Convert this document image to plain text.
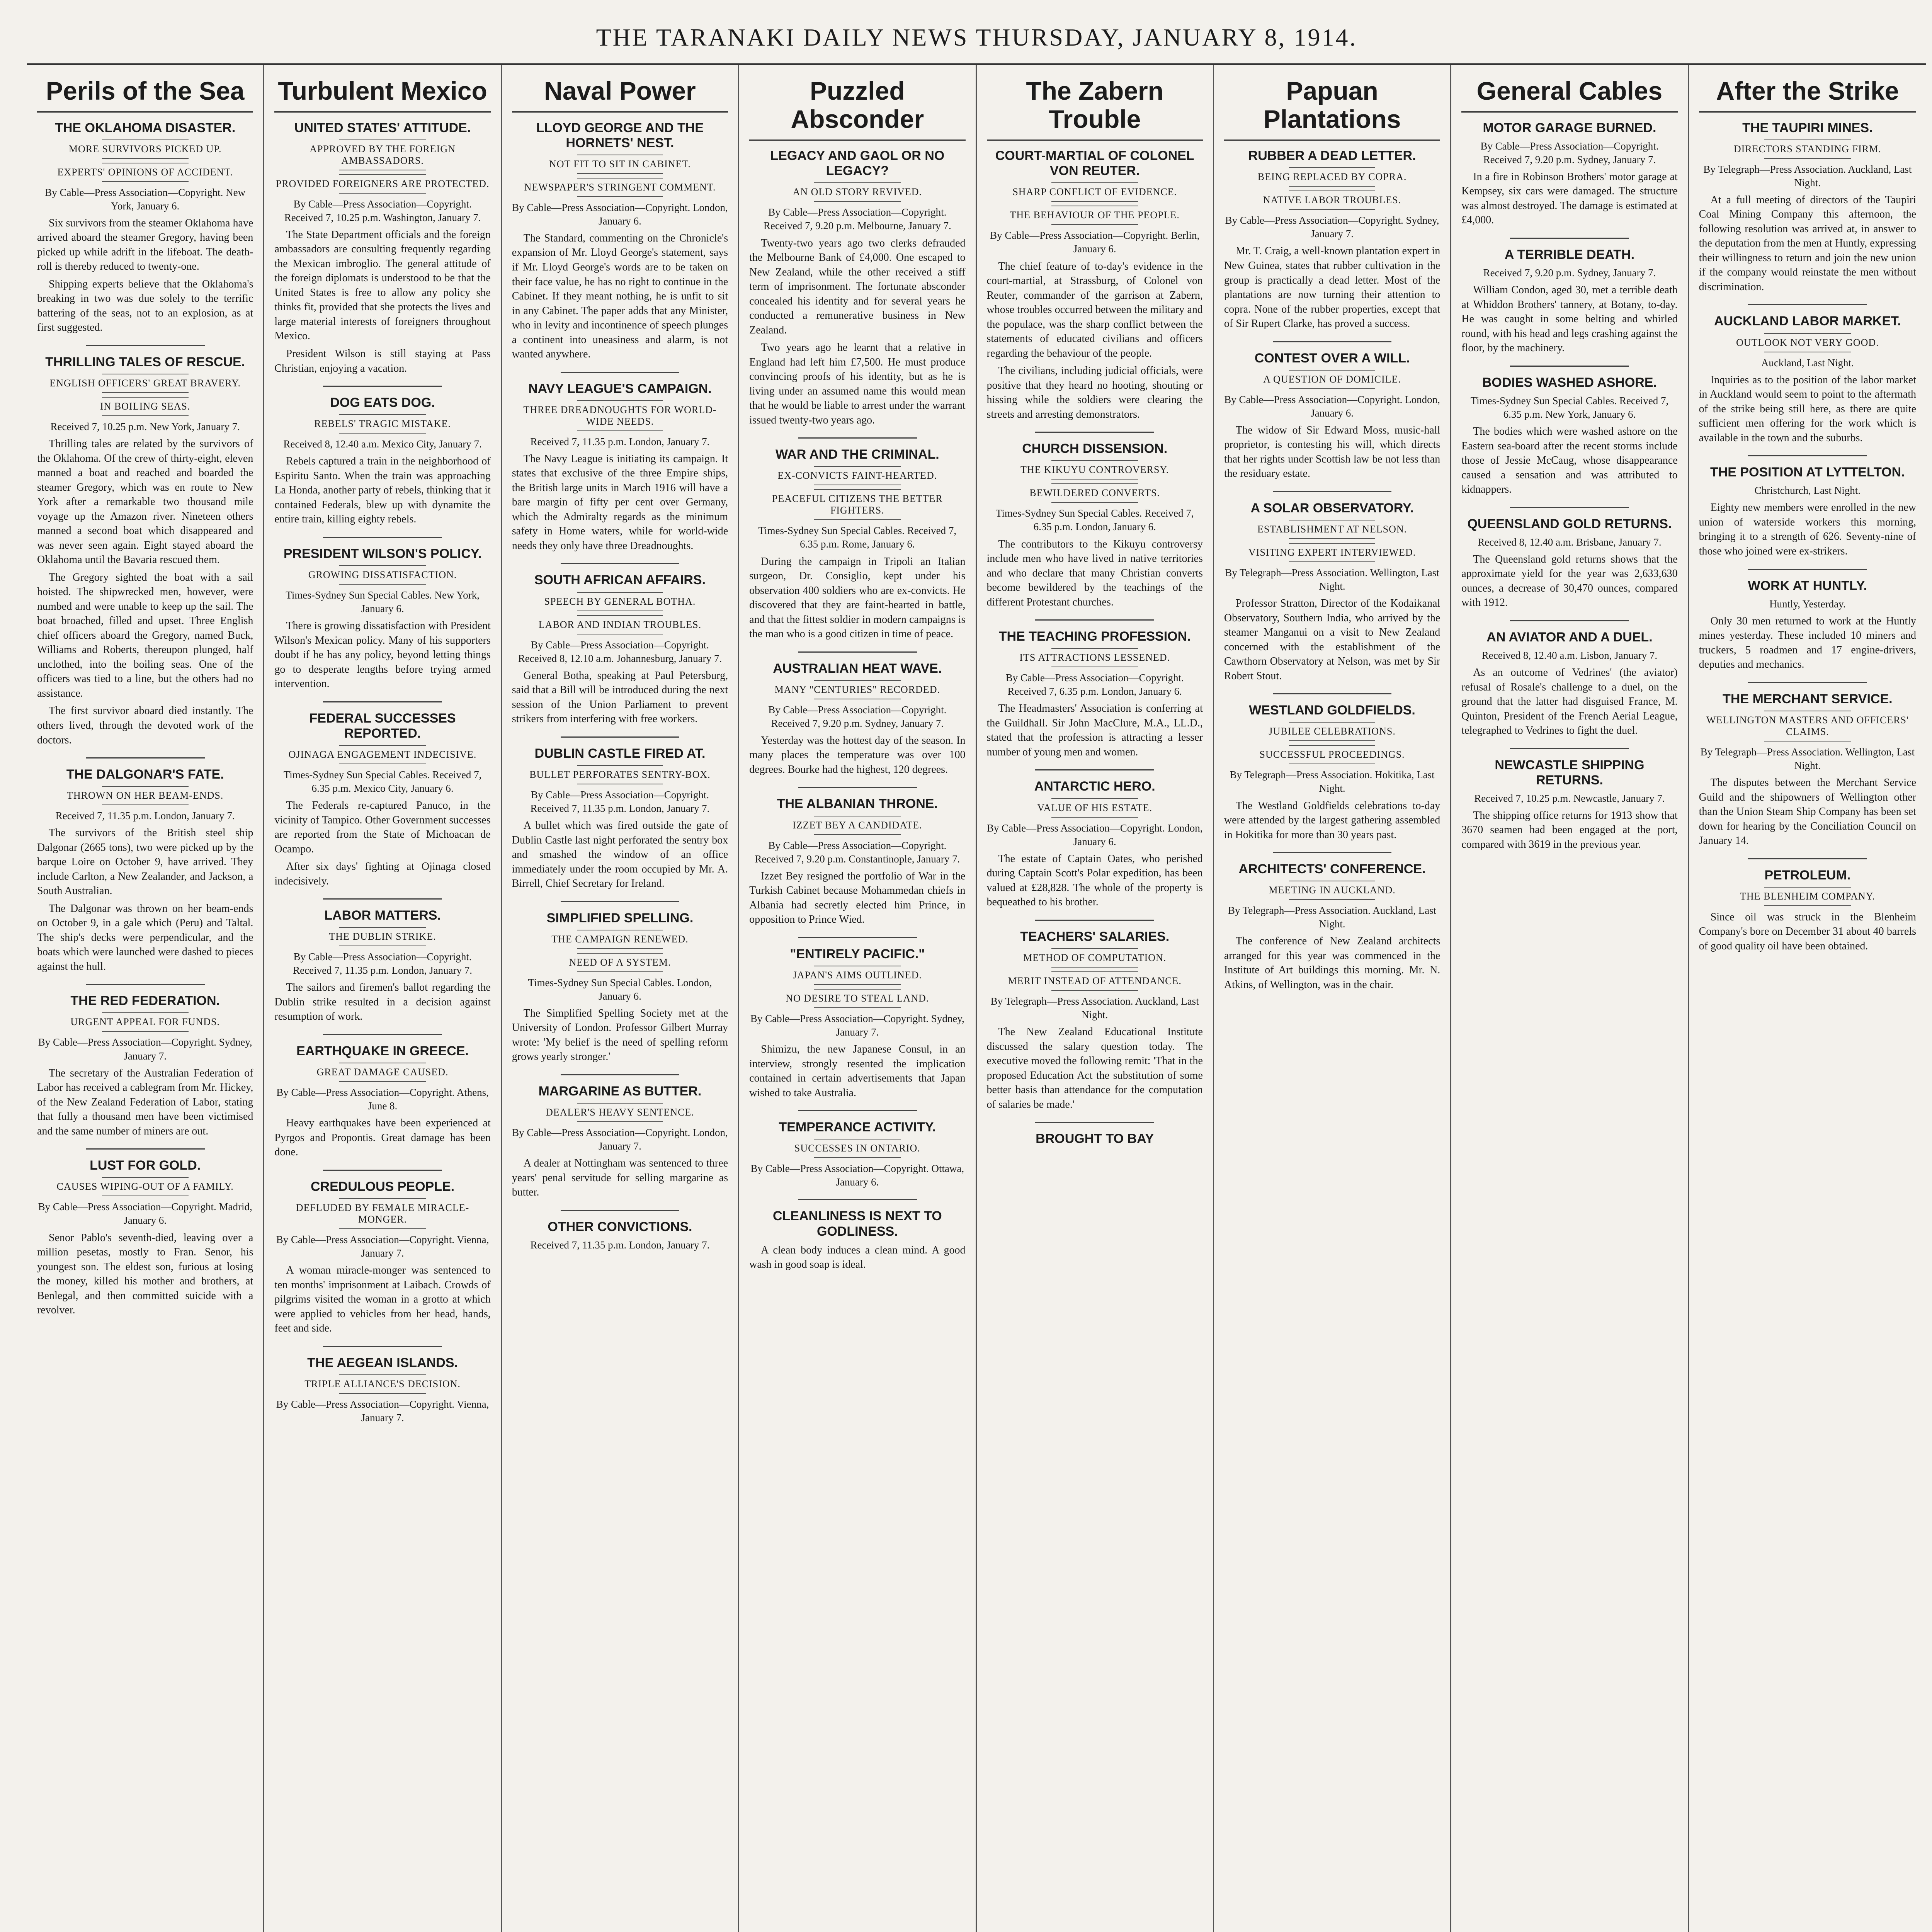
THE TARANAKI DAILY NEWS THURSDAY, JANUARY 8, 1914.
Perils of the Sea
THE OKLAHOMA DISASTER.
MORE SURVIVORS PICKED UP.
EXPERTS' OPINIONS OF ACCIDENT.
By Cable—Press Association—Copyright. New York, January 6.
Six survivors from the steamer Oklahoma have arrived aboard the steamer Gregory, having been picked up while adrift in the lifeboat. The death-roll is thereby reduced to twenty-one.
Shipping experts believe that the Oklahoma's breaking in two was due solely to the terrific battering of the seas, not to an explosion, as at first suggested.
THRILLING TALES OF RESCUE.
ENGLISH OFFICERS' GREAT BRAVERY.
IN BOILING SEAS.
Received 7, 10.25 p.m. New York, January 7.
Thrilling tales are related by the survivors of the Oklahoma. Of the crew of thirty-eight, eleven manned a boat and reached and boarded the steamer Gregory, which was en route to New York after a remarkable two thousand mile voyage up the Amazon river. Nineteen others manned a second boat which disappeared and was never seen again. Eight stayed aboard the Oklahoma until the Bavaria rescued them.
The Gregory sighted the boat with a sail hoisted. The shipwrecked men, however, were numbed and were unable to keep up the sail. The boat broached, filled and upset. Three English chief officers aboard the Gregory, named Buck, Williams and Roberts, thereupon plunged, half unclothed, into the boiling seas. One of the officers was tied to a line, but the others had no assistance.
The first survivor aboard died instantly. The others lived, through the devoted work of the doctors.
THE DALGONAR'S FATE.
THROWN ON HER BEAM-ENDS.
Received 7, 11.35 p.m. London, January 7.
The survivors of the British steel ship Dalgonar (2665 tons), two were picked up by the barque Loire on October 9, have arrived. They include Carlton, a New Zealander, and Jackson, a South Australian.
The Dalgonar was thrown on her beam-ends on October 9, in a gale which (Peru) and Taltal. The ship's decks were perpendicular, and the boats which were launched were dashed to pieces against the hull.
THE RED FEDERATION.
URGENT APPEAL FOR FUNDS.
By Cable—Press Association—Copyright. Sydney, January 7.
The secretary of the Australian Federation of Labor has received a cablegram from Mr. Hickey, of the New Zealand Federation of Labor, stating that fully a thousand men have been victimised and the same number of miners are out.
LUST FOR GOLD.
CAUSES WIPING-OUT OF A FAMILY.
By Cable—Press Association—Copyright. Madrid, January 6.
Senor Pablo's seventh-died, leaving over a million pesetas, mostly to Fran. Senor, his youngest son. The eldest son, furious at losing the money, killed his mother and brothers, at Benlegal, and then committed suicide with a revolver.
Turbulent Mexico
UNITED STATES' ATTITUDE.
APPROVED BY THE FOREIGN AMBASSADORS.
PROVIDED FOREIGNERS ARE PROTECTED.
By Cable—Press Association—Copyright. Received 7, 10.25 p.m. Washington, January 7.
The State Department officials and the foreign ambassadors are consulting frequently regarding the Mexican imbroglio. The general attitude of the foreign diplomats is understood to be that the United States is free to allow any policy she thinks fit, provided that she protects the lives and large material interests of foreigners throughout Mexico.
President Wilson is still staying at Pass Christian, enjoying a vacation.
DOG EATS DOG.
REBELS' TRAGIC MISTAKE.
Received 8, 12.40 a.m. Mexico City, January 7.
Rebels captured a train in the neighborhood of Espiritu Santo. When the train was approaching La Honda, another party of rebels, thinking that it contained Federals, blew up with dynamite the entire train, killing eighty rebels.
PRESIDENT WILSON'S POLICY.
GROWING DISSATISFACTION.
Times-Sydney Sun Special Cables. New York, January 6.
There is growing dissatisfaction with President Wilson's Mexican policy. Many of his supporters doubt if he has any policy, beyond letting things go to desperate lengths before trying armed intervention.
FEDERAL SUCCESSES REPORTED.
OJINAGA ENGAGEMENT INDECISIVE.
Times-Sydney Sun Special Cables. Received 7, 6.35 p.m. Mexico City, January 6.
The Federals re-captured Panuco, in the vicinity of Tampico. Other Government successes are reported from the State of Michoacan de Ocampo.
After six days' fighting at Ojinaga closed indecisively.
LABOR MATTERS.
THE DUBLIN STRIKE.
By Cable—Press Association—Copyright. Received 7, 11.35 p.m. London, January 7.
The sailors and firemen's ballot regarding the Dublin strike resulted in a decision against resumption of work.
EARTHQUAKE IN GREECE.
GREAT DAMAGE CAUSED.
By Cable—Press Association—Copyright. Athens, June 8.
Heavy earthquakes have been experienced at Pyrgos and Propontis. Great damage has been done.
CREDULOUS PEOPLE.
DEFLUDED BY FEMALE MIRACLE-MONGER.
By Cable—Press Association—Copyright. Vienna, January 7.
A woman miracle-monger was sentenced to ten months' imprisonment at Laibach. Crowds of pilgrims visited the woman in a grotto at which were applied to vehicles from her head, hands, feet and side.
THE AEGEAN ISLANDS.
TRIPLE ALLIANCE'S DECISION.
By Cable—Press Association—Copyright. Vienna, January 7.
Naval Power
LLOYD GEORGE AND THE HORNETS' NEST.
NOT FIT TO SIT IN CABINET.
NEWSPAPER'S STRINGENT COMMENT.
By Cable—Press Association—Copyright. London, January 6.
The Standard, commenting on the Chronicle's expansion of Mr. Lloyd George's statement, says if Mr. Lloyd George's words are to be taken on their face value, he has no right to continue in the Cabinet. If they meant nothing, he is unfit to sit in any Cabinet. The paper adds that any Minister, who in levity and incontinence of speech plunges a continent into uneasiness and alarm, is not wanted anywhere.
NAVY LEAGUE'S CAMPAIGN.
THREE DREADNOUGHTS FOR WORLD-WIDE NEEDS.
Received 7, 11.35 p.m. London, January 7.
The Navy League is initiating its campaign. It states that exclusive of the three Empire ships, the British large units in March 1916 will have a bare margin of fifty per cent over Germany, which the Admiralty regards as the minimum safety in Home waters, while for world-wide needs they only have three Dreadnoughts.
SOUTH AFRICAN AFFAIRS.
SPEECH BY GENERAL BOTHA.
LABOR AND INDIAN TROUBLES.
By Cable—Press Association—Copyright. Received 8, 12.10 a.m. Johannesburg, January 7.
General Botha, speaking at Paul Petersburg, said that a Bill will be introduced during the next session of the Union Parliament to prevent strikers from interfering with free workers.
DUBLIN CASTLE FIRED AT.
BULLET PERFORATES SENTRY-BOX.
By Cable—Press Association—Copyright. Received 7, 11.35 p.m. London, January 7.
A bullet which was fired outside the gate of Dublin Castle last night perforated the sentry box and smashed the window of an office immediately under the room occupied by Mr. A. Birrell, Chief Secretary for Ireland.
SIMPLIFIED SPELLING.
THE CAMPAIGN RENEWED.
NEED OF A SYSTEM.
Times-Sydney Sun Special Cables. London, January 6.
The Simplified Spelling Society met at the University of London. Professor Gilbert Murray wrote: 'My belief is the need of spelling reform grows yearly stronger.'
MARGARINE AS BUTTER.
DEALER'S HEAVY SENTENCE.
By Cable—Press Association—Copyright. London, January 7.
A dealer at Nottingham was sentenced to three years' penal servitude for selling margarine as butter.
OTHER CONVICTIONS.
Received 7, 11.35 p.m. London, January 7.
Puzzled Absconder
LEGACY AND GAOL OR NO LEGACY?
AN OLD STORY REVIVED.
By Cable—Press Association—Copyright. Received 7, 9.20 p.m. Melbourne, January 7.
Twenty-two years ago two clerks defrauded the Melbourne Bank of £4,000. One escaped to New Zealand, while the other received a stiff term of imprisonment. The fortunate absconder concealed his identity and for several years he conducted a remunerative business in New Zealand.
Two years ago he learnt that a relative in England had left him £7,500. He must produce convincing proofs of his identity, but as he is living under an assumed name this would mean that he would be liable to arrest under the warrant issued twenty-two years ago.
WAR AND THE CRIMINAL.
EX-CONVICTS FAINT-HEARTED.
PEACEFUL CITIZENS THE BETTER FIGHTERS.
Times-Sydney Sun Special Cables. Received 7, 6.35 p.m. Rome, January 6.
During the campaign in Tripoli an Italian surgeon, Dr. Consiglio, kept under his observation 400 soldiers who are ex-convicts. He discovered that they are faint-hearted in battle, and that the fittest soldier in modern campaigns is the man who is a good citizen in time of peace.
AUSTRALIAN HEAT WAVE.
MANY "CENTURIES" RECORDED.
By Cable—Press Association—Copyright. Received 7, 9.20 p.m. Sydney, January 7.
Yesterday was the hottest day of the season. In many places the temperature was over 100 degrees. Bourke had the highest, 120 degrees.
THE ALBANIAN THRONE.
IZZET BEY A CANDIDATE.
By Cable—Press Association—Copyright. Received 7, 9.20 p.m. Constantinople, January 7.
Izzet Bey resigned the portfolio of War in the Turkish Cabinet because Mohammedan chiefs in Albania had secretly elected him Prince, in opposition to Prince Wied.
"ENTIRELY PACIFIC."
JAPAN'S AIMS OUTLINED.
NO DESIRE TO STEAL LAND.
By Cable—Press Association—Copyright. Sydney, January 7.
Shimizu, the new Japanese Consul, in an interview, strongly resented the implication contained in certain advertisements that Japan wished to take Australia.
TEMPERANCE ACTIVITY.
SUCCESSES IN ONTARIO.
By Cable—Press Association—Copyright. Ottawa, January 6.
CLEANLINESS IS NEXT TO GODLINESS.
A clean body induces a clean mind. A good wash in good soap is ideal.
The Zabern Trouble
COURT-MARTIAL OF COLONEL VON REUTER.
SHARP CONFLICT OF EVIDENCE.
THE BEHAVIOUR OF THE PEOPLE.
By Cable—Press Association—Copyright. Berlin, January 6.
The chief feature of to-day's evidence in the court-martial, at Strassburg, of Colonel von Reuter, commander of the garrison at Zabern, whose troubles occurred between the military and the populace, was the sharp conflict between the statements of educated civilians and officers regarding the behaviour of the people.
The civilians, including judicial officials, were positive that they heard no hooting, shouting or hissing while the soldiers were clearing the streets and arresting demonstrators.
CHURCH DISSENSION.
THE KIKUYU CONTROVERSY.
BEWILDERED CONVERTS.
Times-Sydney Sun Special Cables. Received 7, 6.35 p.m. London, January 6.
The contributors to the Kikuyu controversy include men who have lived in native territories and who declare that many Christian converts become bewildered by the teachings of the different Protestant churches.
THE TEACHING PROFESSION.
ITS ATTRACTIONS LESSENED.
By Cable—Press Association—Copyright. Received 7, 6.35 p.m. London, January 6.
The Headmasters' Association is conferring at the Guildhall. Sir John MacClure, M.A., LL.D., stated that the profession is attracting a lesser number of young men and women.
ANTARCTIC HERO.
VALUE OF HIS ESTATE.
By Cable—Press Association—Copyright. London, January 6.
The estate of Captain Oates, who perished during Captain Scott's Polar expedition, has been valued at £28,828. The whole of the property is bequeathed to his brother.
TEACHERS' SALARIES.
METHOD OF COMPUTATION.
MERIT INSTEAD OF ATTENDANCE.
By Telegraph—Press Association. Auckland, Last Night.
The New Zealand Educational Institute discussed the salary question today. The executive moved the following remit: 'That in the proposed Education Act the substitution of some better basis than attendance for the computation of salaries be made.'
BROUGHT TO BAY
Papuan Plantations
RUBBER A DEAD LETTER.
BEING REPLACED BY COPRA.
NATIVE LABOR TROUBLES.
By Cable—Press Association—Copyright. Sydney, January 7.
Mr. T. Craig, a well-known plantation expert in New Guinea, states that rubber cultivation in the group is practically a dead letter. Most of the plantations are now turning their attention to copra. None of the rubber properties, except that of Sir Rupert Clarke, has proved a success.
CONTEST OVER A WILL.
A QUESTION OF DOMICILE.
By Cable—Press Association—Copyright. London, January 6.
The widow of Sir Edward Moss, music-hall proprietor, is contesting his will, which directs that her rights under Scottish law be not less than the residuary estate.
A SOLAR OBSERVATORY.
ESTABLISHMENT AT NELSON.
VISITING EXPERT INTERVIEWED.
By Telegraph—Press Association. Wellington, Last Night.
Professor Stratton, Director of the Kodaikanal Observatory, Southern India, who arrived by the steamer Manganui on a visit to New Zealand concerned with the establishment of the Cawthorn Observatory at Nelson, was met by Sir Robert Stout.
WESTLAND GOLDFIELDS.
JUBILEE CELEBRATIONS.
SUCCESSFUL PROCEEDINGS.
By Telegraph—Press Association. Hokitika, Last Night.
The Westland Goldfields celebrations to-day were attended by the largest gathering assembled in Hokitika for more than 30 years past.
ARCHITECTS' CONFERENCE.
MEETING IN AUCKLAND.
By Telegraph—Press Association. Auckland, Last Night.
The conference of New Zealand architects arranged for this year was commenced in the Institute of Art buildings this morning. Mr. N. Atkins, of Wellington, was in the chair.
General Cables
MOTOR GARAGE BURNED.
By Cable—Press Association—Copyright. Received 7, 9.20 p.m. Sydney, January 7.
In a fire in Robinson Brothers' motor garage at Kempsey, six cars were damaged. The structure was almost destroyed. The damage is estimated at £4,000.
A TERRIBLE DEATH.
Received 7, 9.20 p.m. Sydney, January 7.
William Condon, aged 30, met a terrible death at Whiddon Brothers' tannery, at Botany, to-day. He was caught in some belting and whirled round, with his head and legs crashing against the floor, by the machinery.
BODIES WASHED ASHORE.
Times-Sydney Sun Special Cables. Received 7, 6.35 p.m. New York, January 6.
The bodies which were washed ashore on the Eastern sea-board after the recent storms include those of Jessie McCaug, whose disappearance caused a sensation and was attributed to kidnappers.
QUEENSLAND GOLD RETURNS.
Received 8, 12.40 a.m. Brisbane, January 7.
The Queensland gold returns shows that the approximate yield for the year was 2,633,630 ounces, a decrease of 30,470 ounces, compared with 1912.
AN AVIATOR AND A DUEL.
Received 8, 12.40 a.m. Lisbon, January 7.
As an outcome of Vedrines' (the aviator) refusal of Rosale's challenge to a duel, on the ground that the latter had disguised France, M. Quinton, President of the French Aerial League, telegraphed to Vedrines to fight the duel.
NEWCASTLE SHIPPING RETURNS.
Received 7, 10.25 p.m. Newcastle, January 7.
The shipping office returns for 1913 show that 3670 seamen had been engaged at the port, compared with 3619 in the previous year.
After the Strike
THE TAUPIRI MINES.
DIRECTORS STANDING FIRM.
By Telegraph—Press Association. Auckland, Last Night.
At a full meeting of directors of the Taupiri Coal Mining Company this afternoon, the following resolution was arrived at, in answer to the deputation from the men at Huntly, expressing their willingness to return and join the new union if the company would reinstate the men without discrimination.
AUCKLAND LABOR MARKET.
OUTLOOK NOT VERY GOOD.
Auckland, Last Night.
Inquiries as to the position of the labor market in Auckland would seem to point to the aftermath of the strike being still here, as there are quite sufficient men offering for the work which is available in the town and the suburbs.
THE POSITION AT LYTTELTON.
Christchurch, Last Night.
Eighty new members were enrolled in the new union of waterside workers this morning, bringing it to a strength of 626. Seventy-nine of those who joined were ex-strikers.
WORK AT HUNTLY.
Huntly, Yesterday.
Only 30 men returned to work at the Huntly mines yesterday. These included 10 miners and truckers, 5 roadmen and 17 engine-drivers, deputies and mechanics.
THE MERCHANT SERVICE.
WELLINGTON MASTERS AND OFFICERS' CLAIMS.
By Telegraph—Press Association. Wellington, Last Night.
The disputes between the Merchant Service Guild and the shipowners of Wellington other than the Union Steam Ship Company has been set down for hearing by the Conciliation Council on January 14.
PETROLEUM.
THE BLENHEIM COMPANY.
Since oil was struck in the Blenheim Company's bore on December 31 about 40 barrels of good quality oil have been obtained.
